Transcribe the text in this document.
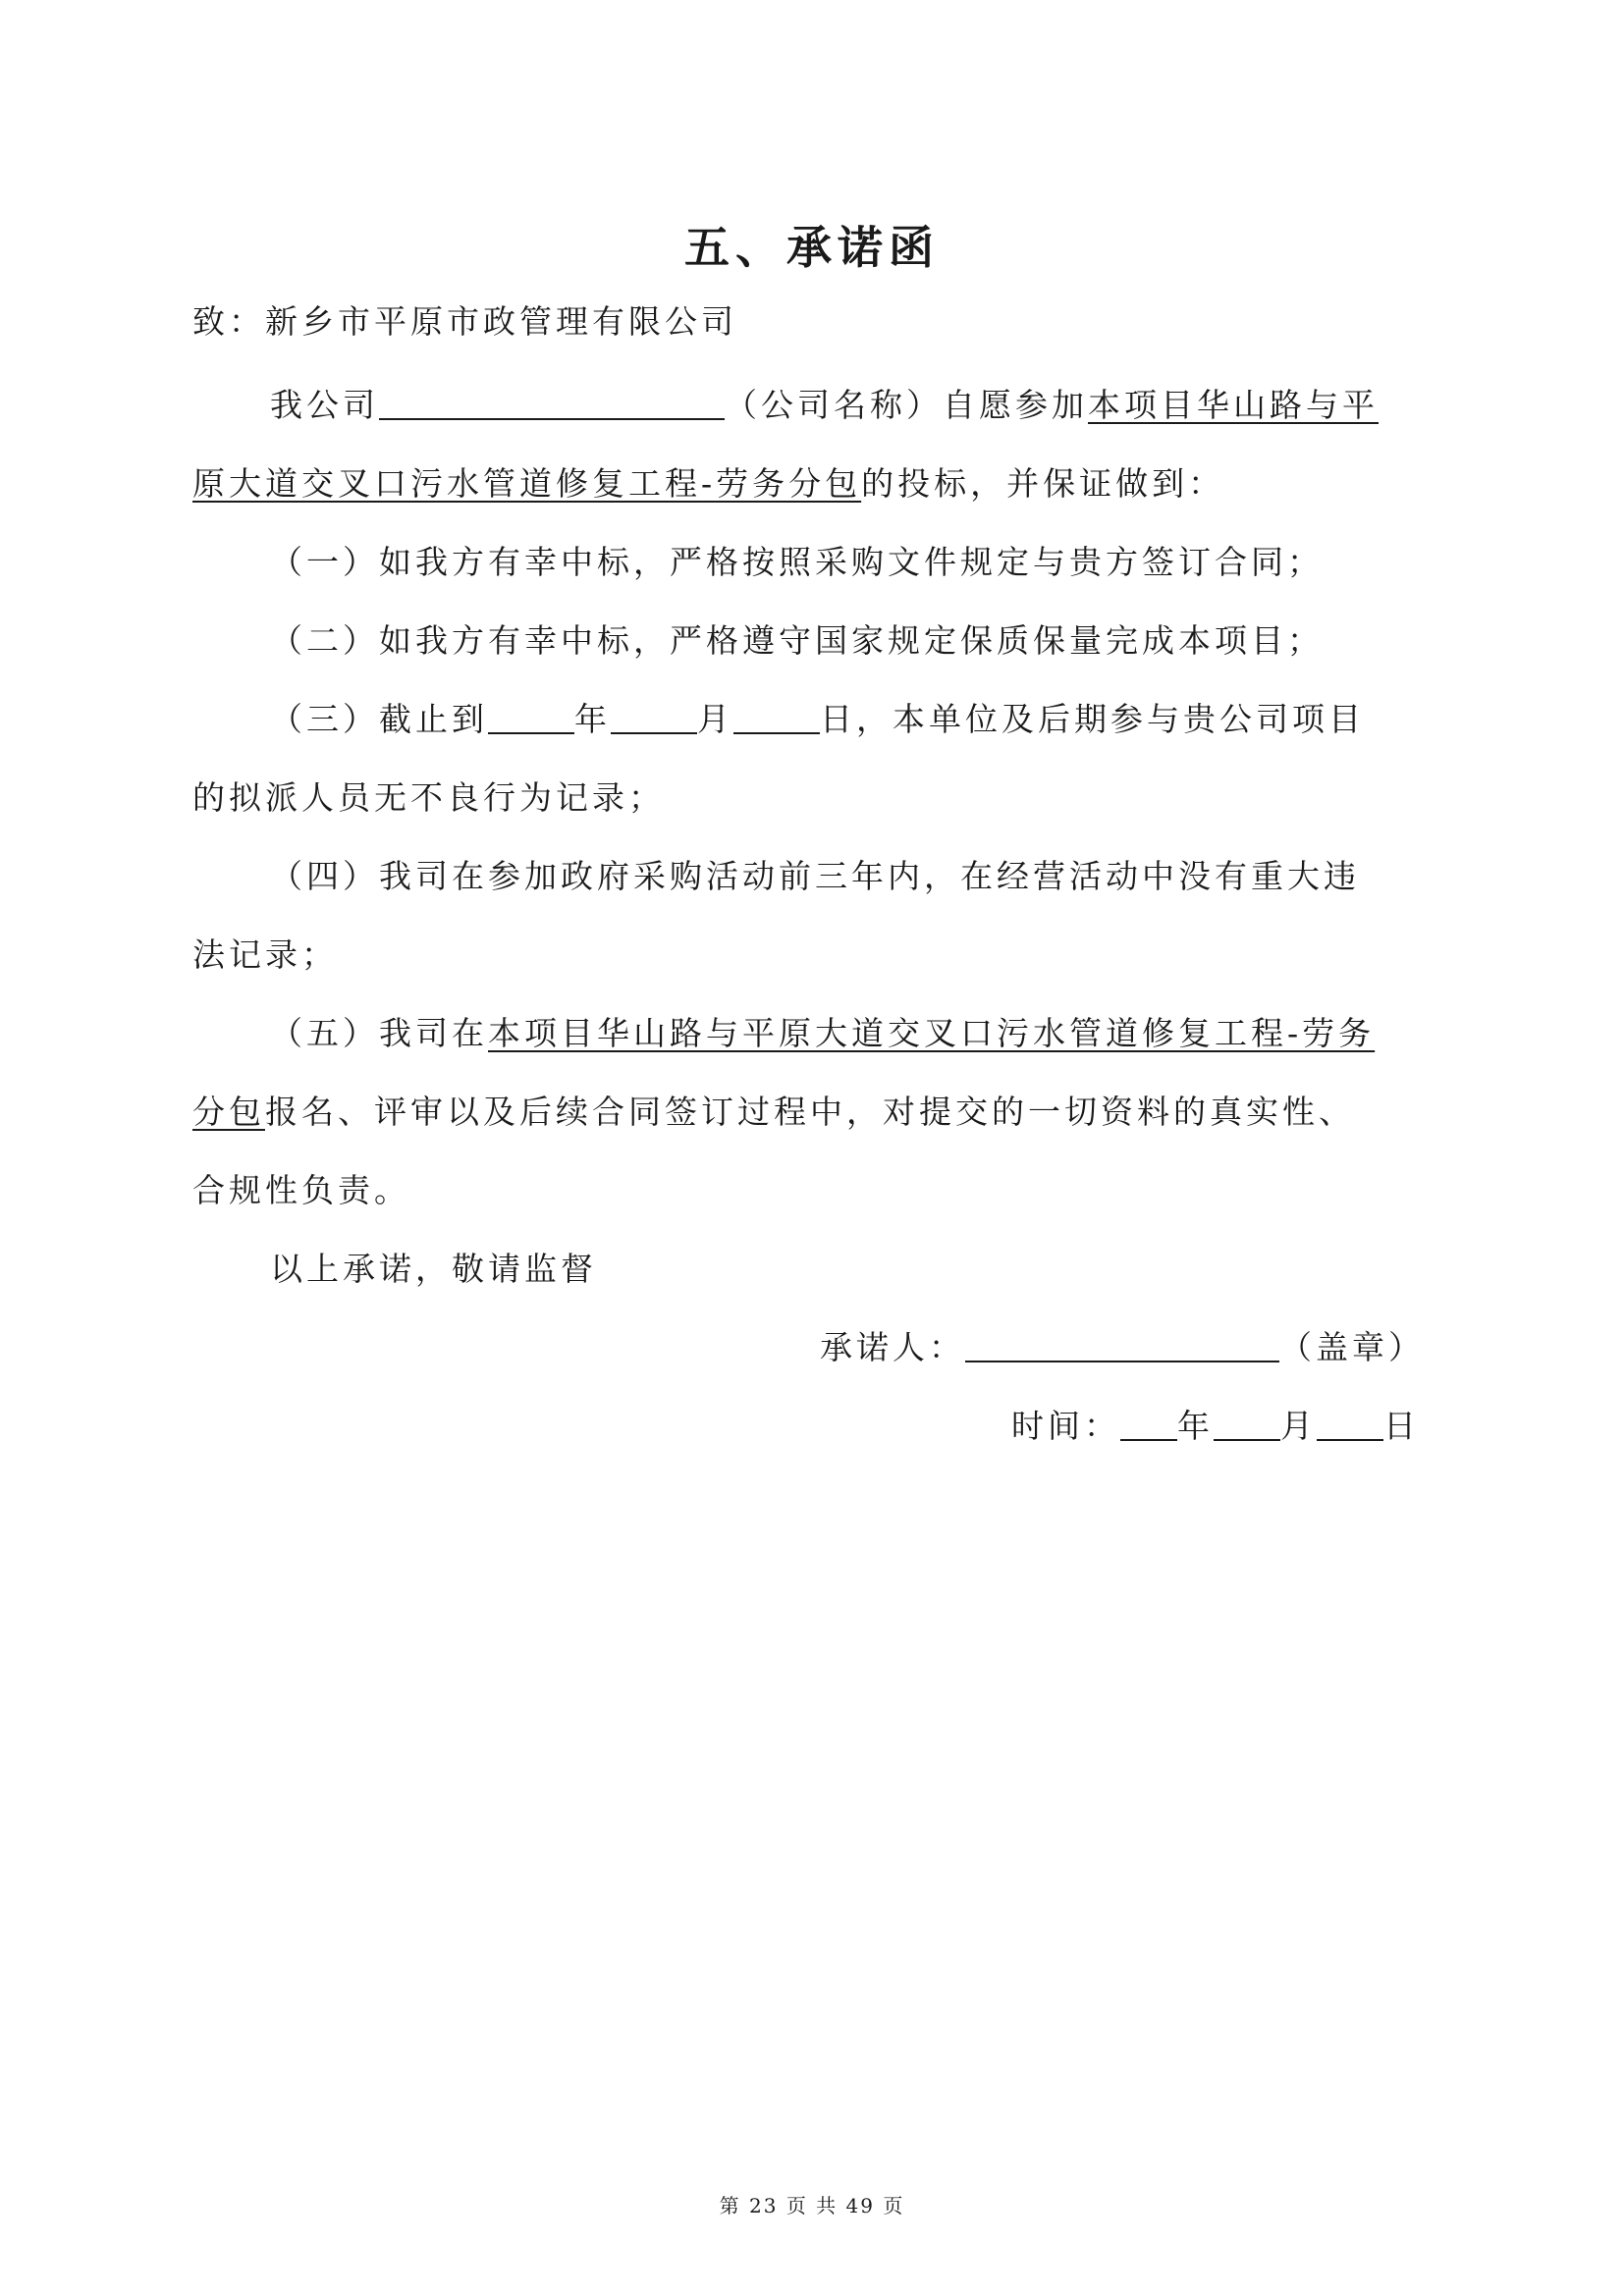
五、承诺函
致：新乡市平原市政管理有限公司
我公司	（公司名称）自愿参加本项目华山路与平
原大道交叉口污水管道修复工程-劳务分包的投标，并保证做到：
（一）如我方有幸中标，严格按照采购文件规定与贵方签订合同；
（二）如我方有幸中标，严格遵守国家规定保质保量完成本项目；
（三）截止到	年	月	日，本单位及后期参与贵公司项目
的拟派人员无不良行为记录；
（四）我司在参加政府采购活动前三年内，在经营活动中没有重大违
法记录；
（五）我司在本项目华山路与平原大道交叉口污水管道修复工程-劳务
分包报名、评审以及后续合同签订过程中，对提交的一切资料的真实性、
合规性负责。
以上承诺，敬请监督
承诺人：	（盖章）
时间： 年 月 日
第 23 页 共 49 页
